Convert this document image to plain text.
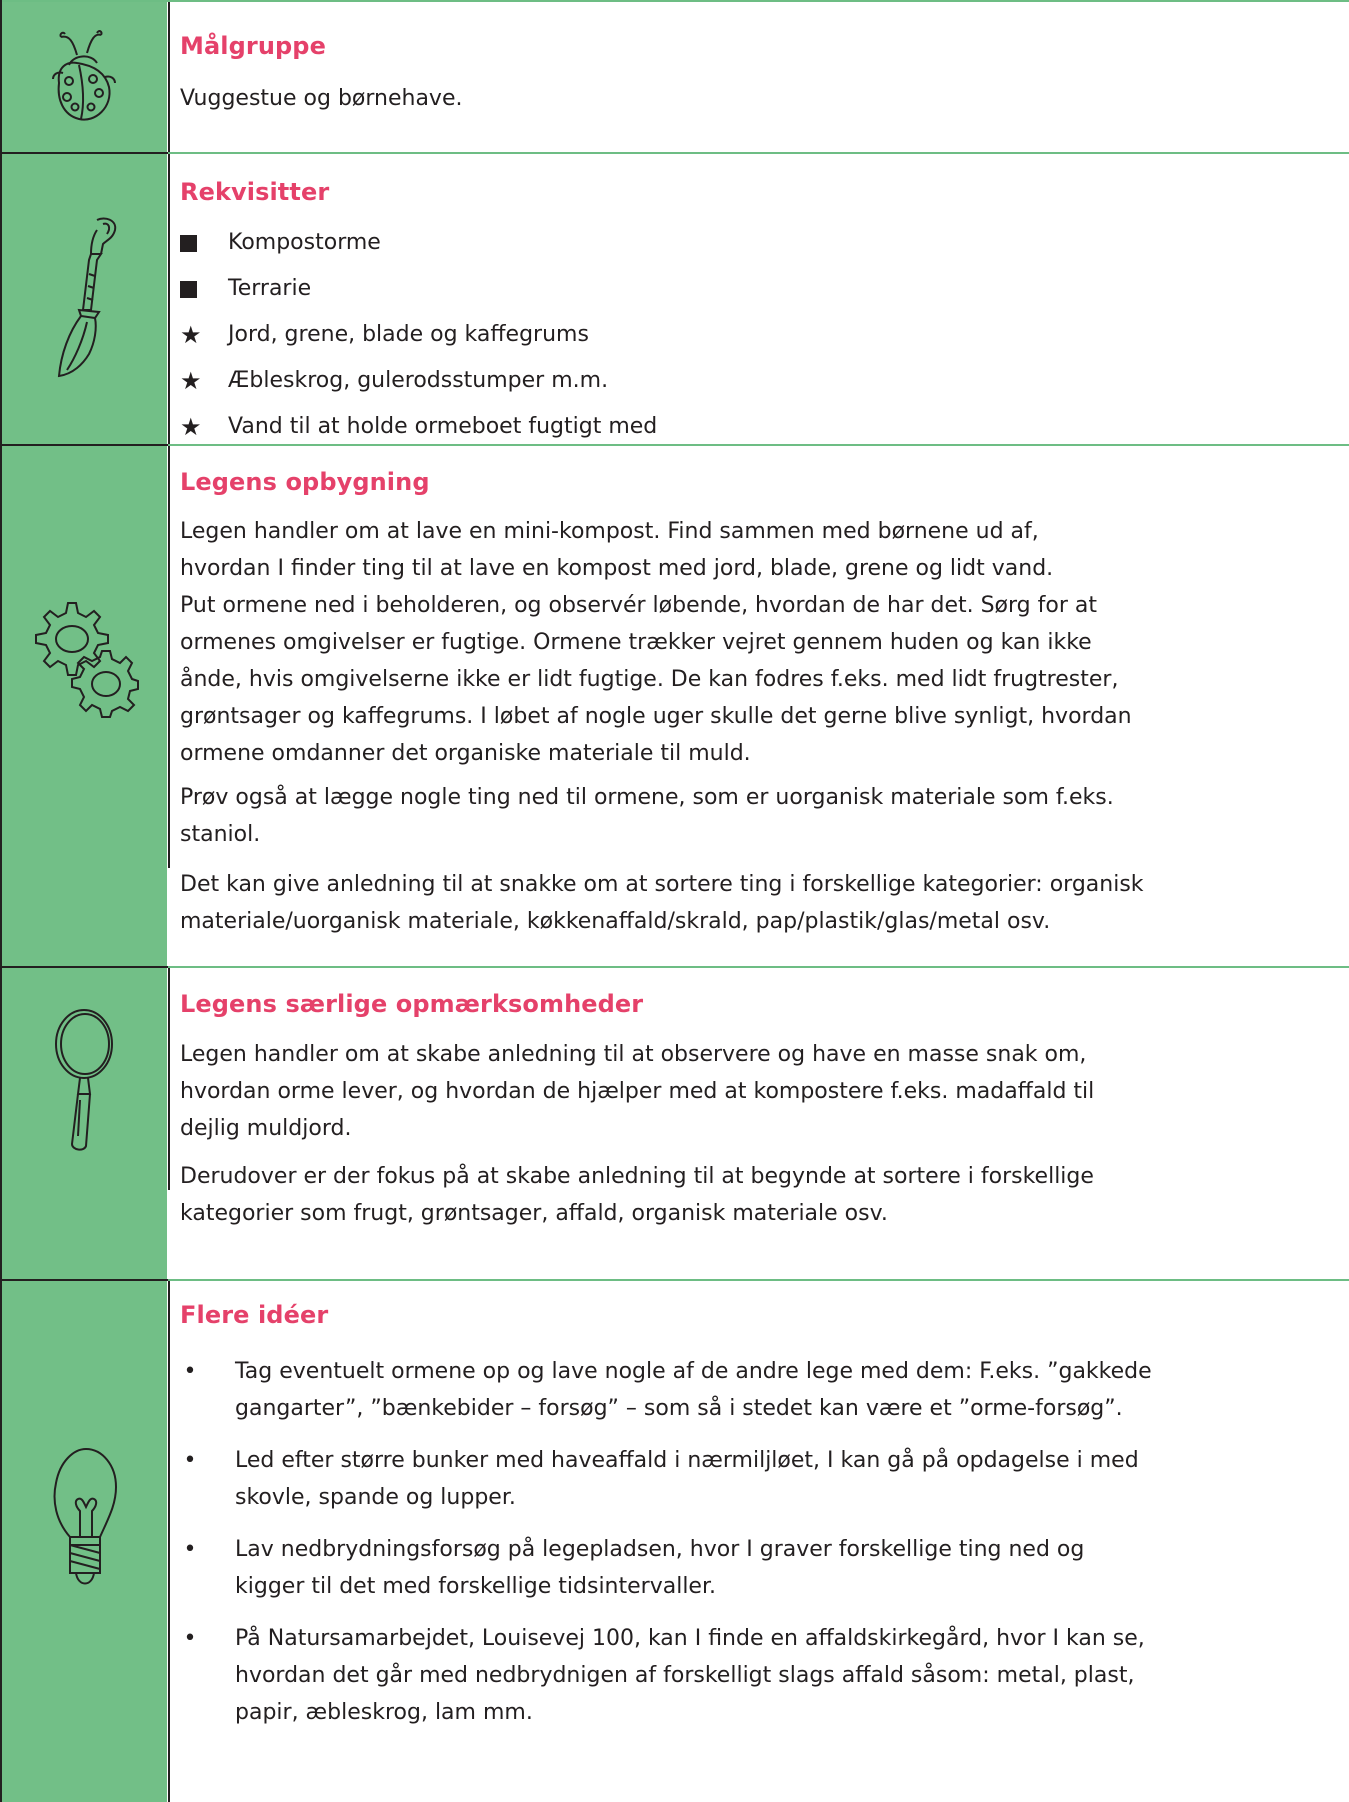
Målgruppe
Vuggestue og børnehave.
Rekvisitter
Kompostorme
Terrarie
★ Jord, grene, blade og kaffegrums
★ Æbleskrog, gulerodsstumper m.m.
★ Vand til at holde ormeboet fugtigt med
Legens opbygning
Legen handler om at lave en mini-kompost. Find sammen med børnene ud af,
hvordan I finder ting til at lave en kompost med jord, blade, grene og lidt vand.
Put ormene ned i beholderen, og observér løbende, hvordan de har det. Sørg for at
ormenes omgivelser er fugtige. Ormene trækker vejret gennem huden og kan ikke
ånde, hvis omgivelserne ikke er lidt fugtige. De kan fodres f.eks. med lidt frugtrester,
grøntsager og kaffegrums. I løbet af nogle uger skulle det gerne blive synligt, hvordan
ormene omdanner det organiske materiale til muld.
Prøv også at lægge nogle ting ned til ormene, som er uorganisk materiale som f.eks.
staniol.
Det kan give anledning til at snakke om at sortere ting i forskellige kategorier: organisk
materiale/uorganisk materiale, køkkenaffald/skrald, pap/plastik/glas/metal osv.
Legens særlige opmærksomheder
Legen handler om at skabe anledning til at observere og have en masse snak om,
hvordan orme lever, og hvordan de hjælper med at kompostere f.eks. madaffald til
dejlig muldjord.
Derudover er der fokus på at skabe anledning til at begynde at sortere i forskellige
kategorier som frugt, grøntsager, affald, organisk materiale osv.
Flere idéer
• Tag eventuelt ormene op og lave nogle af de andre lege med dem: F.eks. ”gakkede
gangarter”, ”bænkebider – forsøg” – som så i stedet kan være et ”orme-forsøg”.
• Led efter større bunker med haveaffald i nærmiljløet, I kan gå på opdagelse i med
skovle, spande og lupper.
• Lav nedbrydningsforsøg på legepladsen, hvor I graver forskellige ting ned og
kigger til det med forskellige tidsintervaller.
• På Natursamarbejdet, Louisevej 100, kan I finde en affaldskirkegård, hvor I kan se,
hvordan det går med nedbrydnigen af forskelligt slags affald såsom: metal, plast,
papir, æbleskrog, lam mm.
